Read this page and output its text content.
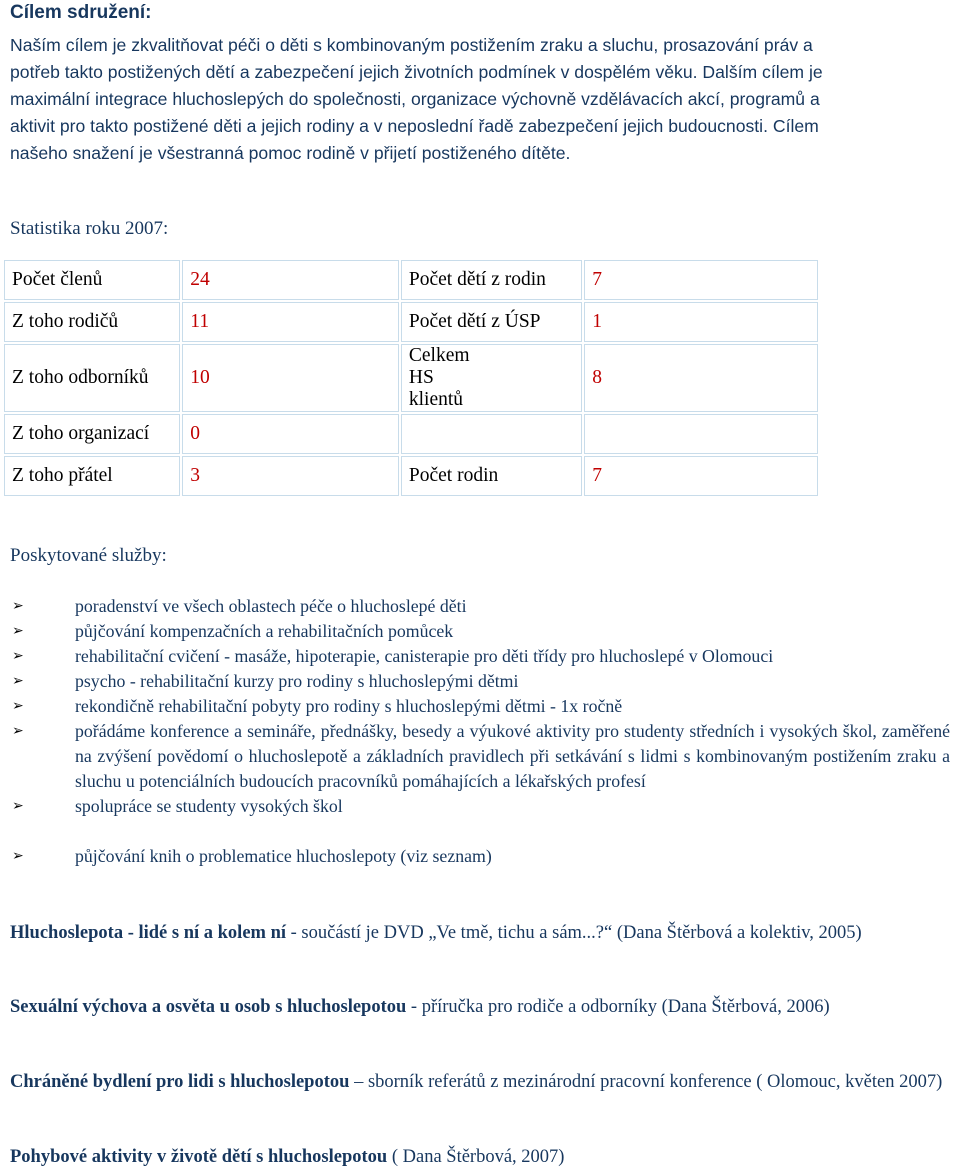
Cílem sdružení:

Naším cílem je zkvalitňovat péči o děti s kombinovaným postižením zraku a sluchu, prosazování práv a
potřeb takto postižených dětí a zabezpečení jejich životních podmínek v dospělém věku. Dalším cílem je
maximální integrace hluchoslepých do společnosti, organizace výchovně vzdělávacích akcí, programů a
aktivit pro takto postižené děti a jejich rodiny a v neposlední řadě zabezpečení jejich budoucnosti. Cílem
našeho snažení je všestranná pomoc rodině v přijetí postiženého dítěte.

Statistika roku 2007:
Počet členů	24	Počet dětí z rodin	7
Z toho rodičů	11	Počet dětí z ÚSP	1
Z toho odborníků	10	Celkem HS klientů	8
Z toho organizací	0		
Z toho přátel	3	Počet rodin	7
Poskytované služby:
➢	poradenství ve všech oblastech péče o hluchoslepé děti
➢	půjčování kompenzačních a rehabilitačních pomůcek
➢	rehabilitační cvičení - masáže, hipoterapie, canisterapie pro děti třídy pro hluchoslepé v Olomouci
➢	psycho - rehabilitační kurzy pro rodiny s hluchoslepými dětmi
➢	rekondičně rehabilitační pobyty pro rodiny s hluchoslepými dětmi - 1x ročně
➢	pořádáme konference a semináře, přednášky, besedy a výukové aktivity pro studenty středních i vysokých škol, zaměřené na zvýšení povědomí o hluchoslepotě a základních pravidlech při setkávání s lidmi s kombinovaným postižením zraku a sluchu u potenciálních budoucích pracovníků pomáhajících a lékařských profesí
➢	spolupráce se studenty vysokých škol
➢	půjčování knih o problematice hluchoslepoty (viz seznam)
Hluchoslepota - lidé s ní a kolem ní - součástí je DVD „Ve tmě, tichu a sám...?“ (Dana Štěrbová a kolektiv, 2005)
Sexuální výchova a osvěta u osob s hluchoslepotou - příručka pro rodiče a odborníky (Dana Štěrbová, 2006)
Chráněné bydlení pro lidi s hluchoslepotou – sborník referátů z mezinárodní pracovní konference ( Olomouc, květen 2007)
Pohybové aktivity v životě dětí s hluchoslepotou ( Dana Štěrbová, 2007)
